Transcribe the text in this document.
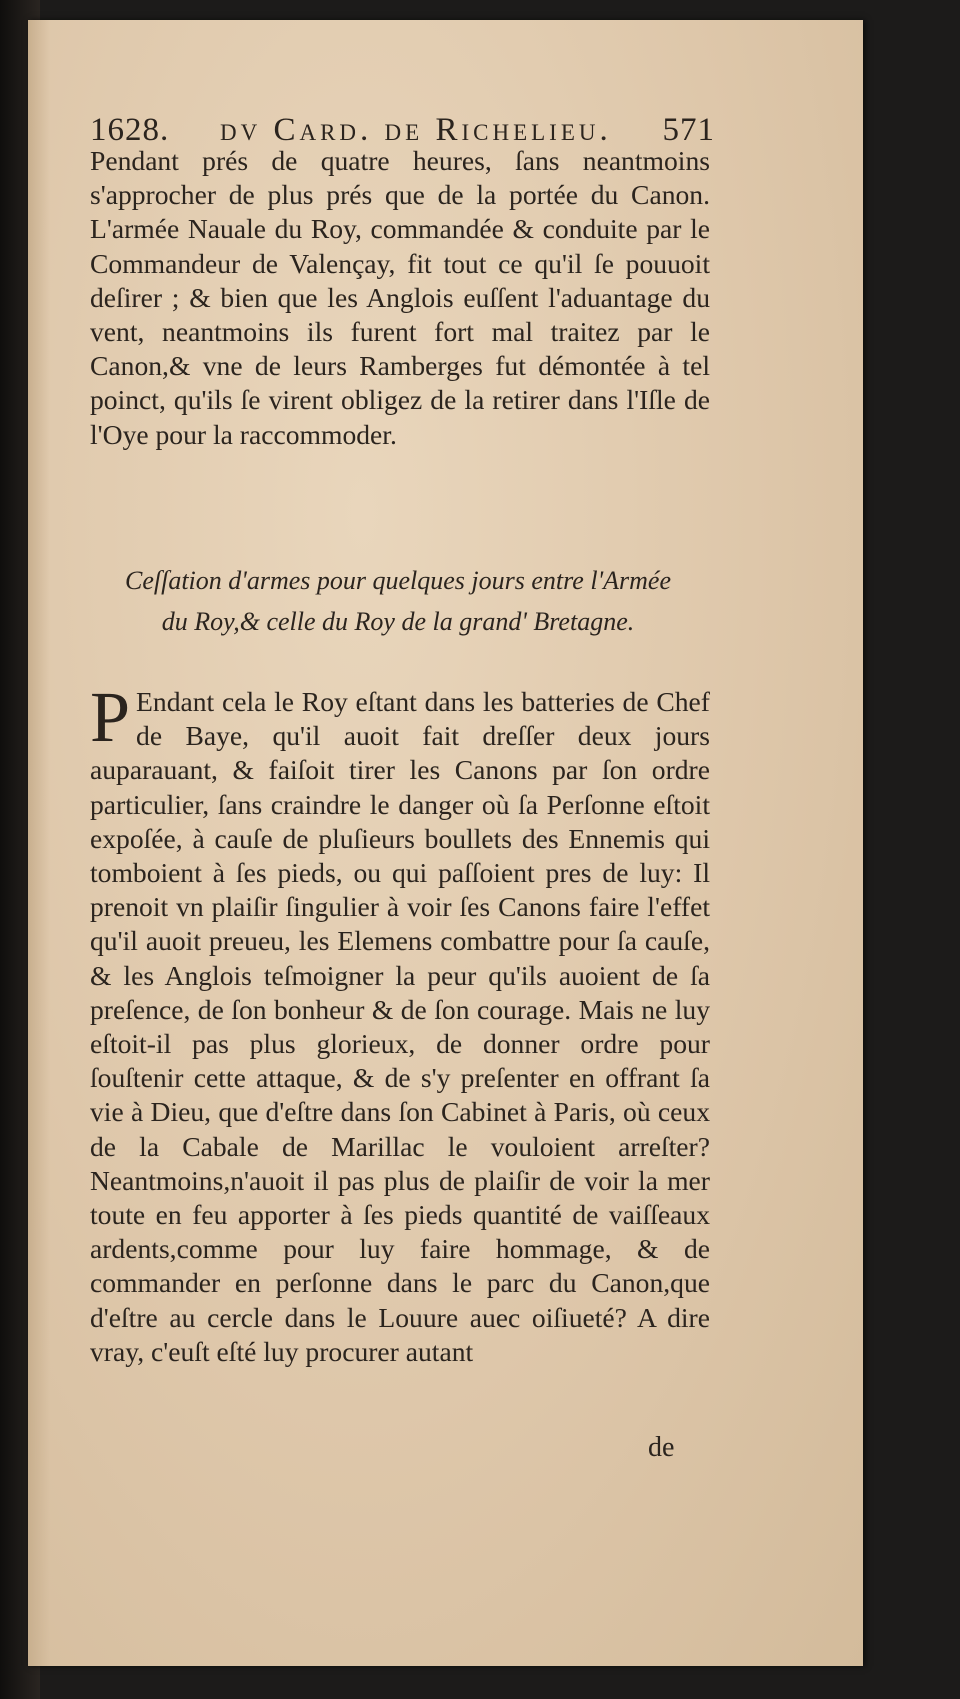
1628. dv Card. de Richelieu. 571

Pendant prés de quatre heures, ſans neantmoins s'approcher de plus prés que de la portée du Canon. L'armée Nauale du Roy, commandée & conduite par le Commandeur de Valençay, fit tout ce qu'il ſe pouuoit deſirer ; & bien que les Anglois euſſent l'aduantage du vent, neantmoins ils furent fort mal traitez par le Canon,& vne de leurs Ramberges fut démontée à tel poinct, qu'ils ſe virent obligez de la retirer dans l'Iſle de l'Oye pour la raccommoder.

Ceſſation d'armes pour quelques jours entre l'Armée du Roy,& celle du Roy de la grand' Bretagne.

P Endant cela le Roy eſtant dans les batteries de Chef de Baye, qu'il auoit fait dreſſer deux jours auparauant, & faiſoit tirer les Canons par ſon ordre particulier, ſans craindre le danger où ſa Perſonne eſtoit expoſée, à cauſe de pluſieurs boullets des Ennemis qui tomboient à ſes pieds, ou qui paſſoient pres de luy: Il prenoit vn plaiſir ſingulier à voir ſes Canons faire l'effet qu'il auoit preueu, les Elemens combattre pour ſa cauſe, & les Anglois teſmoigner la peur qu'ils auoient de ſa preſence, de ſon bonheur & de ſon courage. Mais ne luy eſtoit-il pas plus glorieux, de donner ordre pour ſouſtenir cette attaque, & de s'y preſenter en offrant ſa vie à Dieu, que d'eſtre dans ſon Cabinet à Paris, où ceux de la Cabale de Marillac le vouloient arreſter? Neantmoins,n'auoit il pas plus de plaiſir de voir la mer toute en feu apporter à ſes pieds quantité de vaiſſeaux ardents,comme pour luy faire hommage, & de commander en perſonne dans le parc du Canon,que d'eſtre au cercle dans le Louure auec oiſiueté? A dire vray, c'euſt eſté luy procurer autant

de
